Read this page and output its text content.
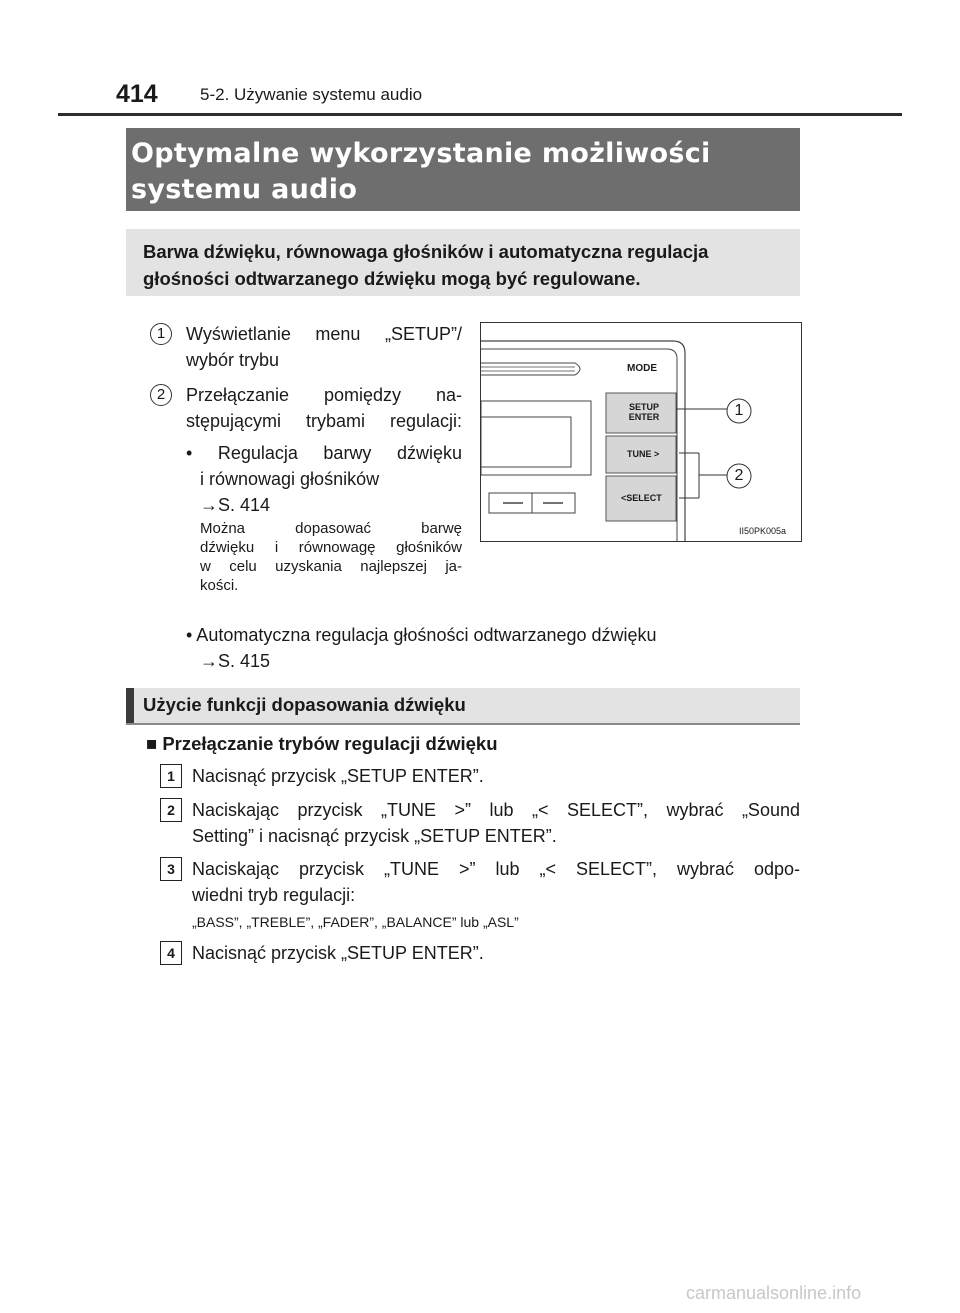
414 5-2. Używanie systemu audio
Optymalne wykorzystanie możliwości
systemu audio
Barwa dźwięku, równowaga głośników i automatyczna regulacja
głośności odtwarzanego dźwięku mogą być regulowane.
1	Wyświetlanie menu „SETUP”/
wybór trybu
2	Przełączanie pomiędzy na-
stępującymi trybami regulacji:
• Regulacja barwy dźwięku
i równowagi głośników
→S. 414
Można dopasować barwę
dźwięku i równowagę głośników
w celu uzyskania najlepszej ja-
kości.
• Automatyczna regulacja głośności odtwarzanego dźwięku
→S. 415
MODE
SETUP
ENTER
TUNE >
<SELECT
1
2
IІ50PK005a
Użycie funkcji dopasowania dźwięku
■ Przełączanie trybów regulacji dźwięku
1 Nacisnąć przycisk „SETUP ENTER”.
2 Naciskając przycisk „TUNE >” lub „< SELECT”, wybrać „Sound
Setting” i nacisnąć przycisk „SETUP ENTER”.
3 Naciskając przycisk „TUNE >” lub „< SELECT”, wybrać odpo-
wiedni tryb regulacji:
„BASS”, „TREBLE”, „FADER”, „BALANCE” lub „ASL”
4 Nacisnąć przycisk „SETUP ENTER”.
carmanualsonline.info
